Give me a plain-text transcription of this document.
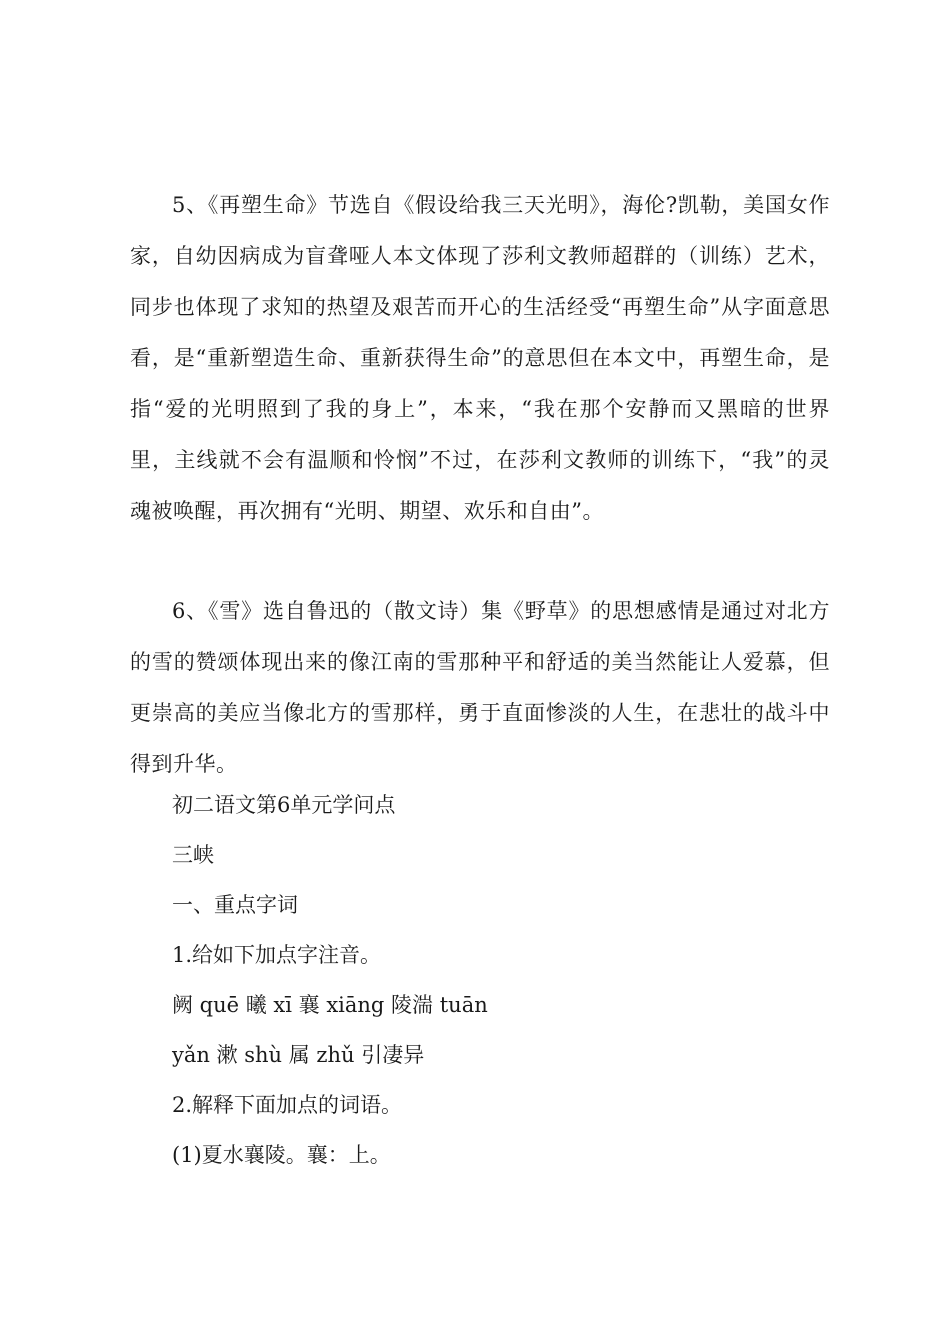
5、《再塑生命》节选自《假设给我三天光明》，海伦?凯勒，美国女作家，自幼因病成为盲聋哑人本文体现了莎利文教师超群的（训练）艺术，同步也体现了求知的热望及艰苦而开心的生活经受“再塑生命”从字面意思看，是“重新塑造生命、重新获得生命”的意思但在本文中，再塑生命，是指“爱的光明照到了我的身上”，本来，“我在那个安静而又黑暗的世界里，主线就不会有温顺和怜悯”不过，在莎利文教师的训练下，“我”的灵魂被唤醒，再次拥有“光明、期望、欢乐和自由”。

6、《雪》选自鲁迅的（散文诗）集《野草》的思想感情是通过对北方的雪的赞颂体现出来的像江南的雪那种平和舒适的美当然能让人爱慕，但更崇高的美应当像北方的雪那样，勇于直面惨淡的人生，在悲壮的战斗中得到升华。

初二语文第6单元学问点

三峡

一、重点字词

1.给如下加点字注音。

阙 quē 曦 xī 襄 xiāng 陵湍 tuān

yǎn 漱 shù 属 zhǔ 引凄异

2.解释下面加点的词语。

(1)夏水襄陵。襄：上。
